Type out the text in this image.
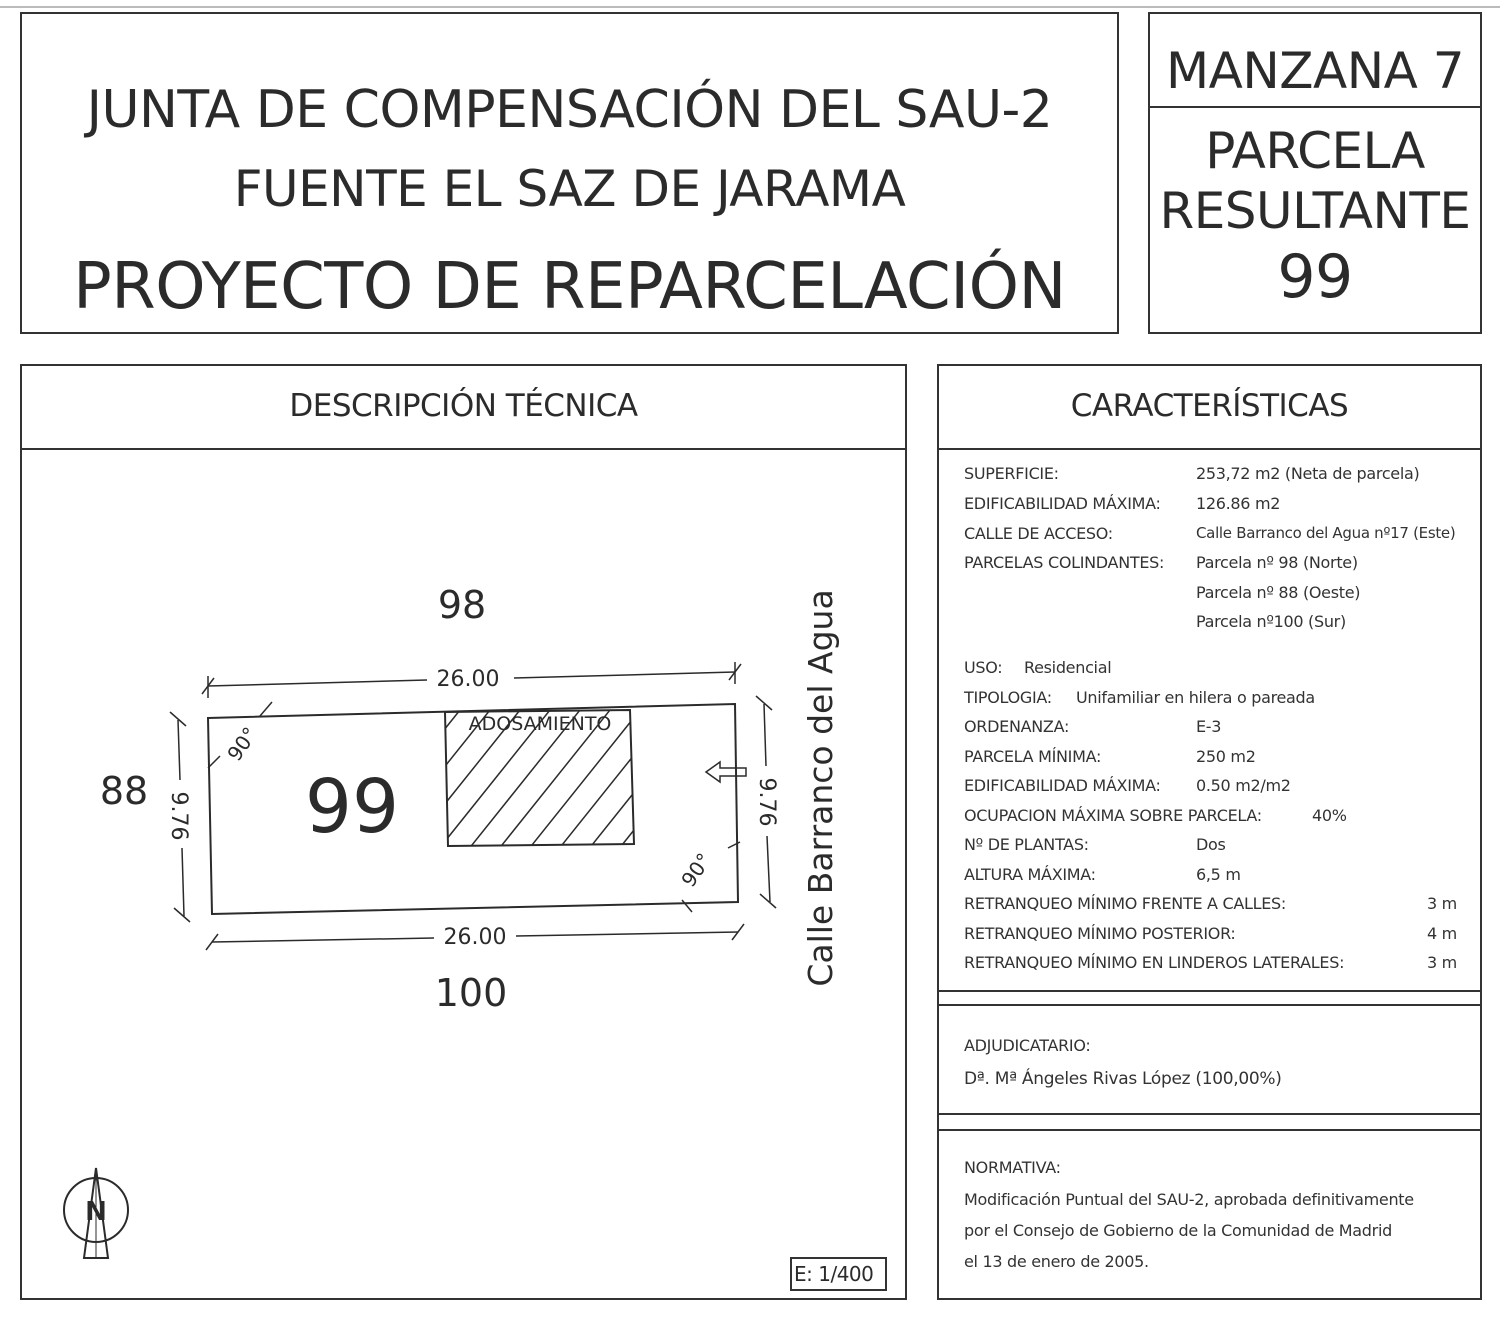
JUNTA DE COMPENSACIÓN DEL SAU-2
FUENTE EL SAZ DE JARAMA
PROYECTO DE REPARCELACIÓN
MANZANA 7
PARCELA
RESULTANTE
99
DESCRIPCIÓN TÉCNICA
ADOSAMIENTO
26.00
26.00
9.76	9.76
90°
90°
98
88
100
99	Calle Barranco del Agua
N
E: 1/400
CARACTERÍSTICAS
SUPERFICIE:	253,72 m2 (Neta de parcela)
EDIFICABILIDAD MÁXIMA: 126.86 m2
CALLE DE ACCESO:	Calle Barranco del Agua nº17 (Este)
PARCELAS COLINDANTES: Parcela nº 98 (Norte)
Parcela nº 88 (Oeste)
Parcela nº100 (Sur)
USO: Residencial
TIPOLOGIA: Unifamiliar en hilera o pareada
ORDENANZA:	E-3
PARCELA MÍNIMA:	250 m2
EDIFICABILIDAD MÁXIMA: 0.50 m2/m2
OCUPACION MÁXIMA SOBRE PARCELA:	40%
Nº DE PLANTAS:	Dos
ALTURA MÁXIMA:	6,5 m
RETRANQUEO MÍNIMO FRENTE A CALLES:	3 m
RETRANQUEO MÍNIMO POSTERIOR:	4 m
RETRANQUEO MÍNIMO EN LINDEROS LATERALES:	3 m
ADJUDICATARIO:
Dª. Mª Ángeles Rivas López (100,00%)
NORMATIVA:
Modificación Puntual del SAU-2, aprobada definitivamente
por el Consejo de Gobierno de la Comunidad de Madrid
el 13 de enero de 2005.
